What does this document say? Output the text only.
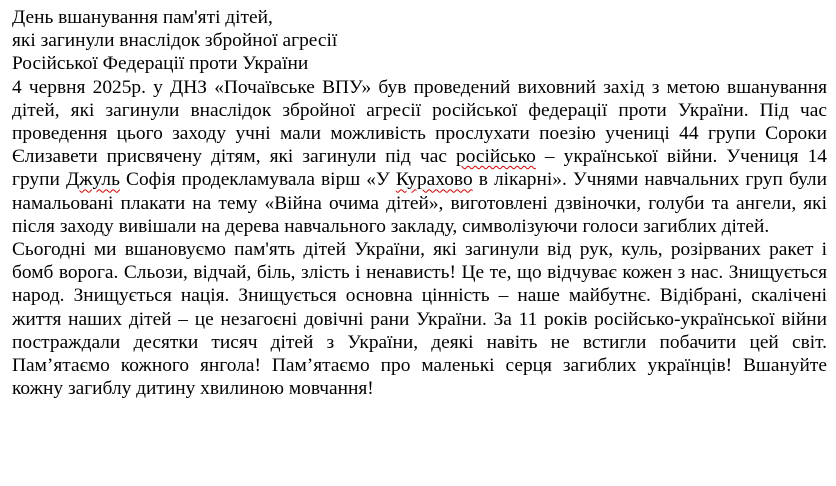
День вшанування пам'яті дітей,
які загинули внаслідок збройної агресії
Російської Федерації проти України

4 червня 2025р. у ДНЗ «Почаївське ВПУ» був проведений виховний захід з метою вшанування дітей, які загинули внаслідок збройної агресії російської федерації проти України. Під час проведення цього заходу учні мали можливість прослухати поезію учениці 44 групи Сороки Єлизавети присвячену дітям, які загинули під час російсько – української війни. Учениця 14 групи Джуль Софія продекламувала вірш «У Курахово в лікарні». Учнями навчальних груп були намальовані плакати на тему «Війна очима дітей», виготовлені дзвіночки, голуби та ангели, які після заходу вивішали на дерева навчального закладу, символізуючи голоси загиблих дітей.

Сьогодні ми вшановуємо пам'ять дітей України, які загинули від рук, куль, розірваних ракет і бомб ворога. Сльози, відчай, біль, злість і ненависть! Це те, що відчуває кожен з нас. Знищується народ. Знищується нація. Знищується основна цінність – наше майбутнє. Відібрані, скалічені життя наших дітей – це незагоєні довічні рани України. За 11 років російсько-української війни постраждали десятки тисяч дітей з України, деякі навіть не встигли побачити цей світ. Пам’ятаємо кожного янгола! Пам’ятаємо про маленькі серця загиблих українців! Вшануйте кожну загиблу дитину хвилиною мовчання!
